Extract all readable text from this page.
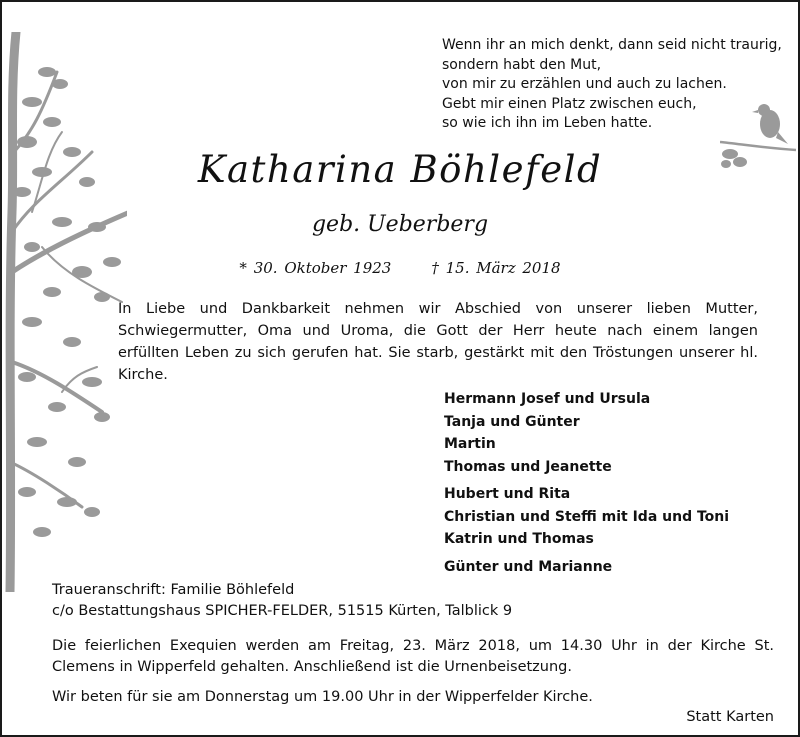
Wenn ihr an mich denkt, dann seid nicht traurig,
sondern habt den Mut,
von mir zu erzählen und auch zu lachen.
Gebt mir einen Platz zwischen euch,
so wie ich ihn im Leben hatte.
Katharina Böhlefeld
geb. Ueberberg
* 30. Oktober 1923	† 15. März 2018
In Liebe und Dankbarkeit nehmen wir Abschied von unserer lieben Mutter, Schwiegermutter, Oma und Uroma, die Gott der Herr heute nach einem langen erfüllten Leben zu sich gerufen hat. Sie starb, gestärkt mit den Tröstungen unserer hl. Kirche.
Hermann Josef und Ursula
Tanja und Günter
Martin
Thomas und Jeanette
Hubert und Rita
Christian und Steffi mit Ida und Toni
Katrin und Thomas
Günter und Marianne
Traueranschrift: Familie Böhlefeld
c/o Bestattungshaus SPICHER-FELDER, 51515 Kürten, Talblick 9
Die feierlichen Exequien werden am Freitag, 23. März 2018, um 14.30 Uhr in der Kirche St. Clemens in Wipperfeld gehalten. Anschließend ist die Urnenbeisetzung.
Wir beten für sie am Donnerstag um 19.00 Uhr in der Wipperfelder Kirche.
Statt Karten
